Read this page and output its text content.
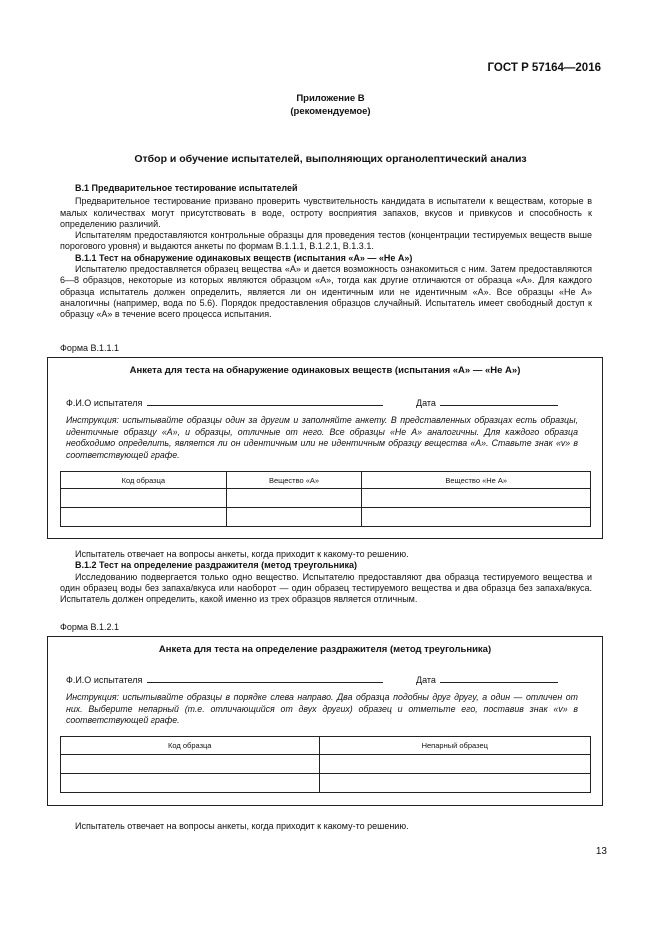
ГОСТ Р 57164—2016
Приложение В
(рекомендуемое)
Отбор и обучение испытателей, выполняющих органолептический анализ

В.1 Предварительное тестирование испытателей

Предварительное тестирование призвано проверить чувствительность кандидата в испытатели к веществам, которые в малых количествах могут присутствовать в воде, остроту восприятия запахов, вкусов и привкусов и способность к определению различий.

Испытателям предоставляются контрольные образцы для проведения тестов (концентрации тестируемых веществ выше порогового уровня) и выдаются анкеты по формам В.1.1.1, В.1.2.1, В.1.3.1.

В.1.1 Тест на обнаружение одинаковых веществ (испытания «А» — «Не А»)

Испытателю предоставляется образец вещества «А» и дается возможность ознакомиться с ним. Затем предоставляются 6—8 образцов, некоторые из которых являются образцом «А», тогда как другие отличаются от образца «А». Для каждого образца испытатель должен определить, является ли он идентичным или не идентичным «А». Все образцы «Не А» аналогичны (например, вода по 5.6). Порядок предоставления образцов случайный. Испытатель имеет свободный доступ к образцу «А» в течение всего процесса испытания.

Форма В.1.1.1
Анкета для теста на обнаружение одинаковых веществ (испытания «А» — «Не А»)
Ф.И.О испытателя	Дата
Инструкция: испытывайте образцы один за другим и заполняйте анкету. В представленных образцах есть образцы, идентичные образцу «А», и образцы, отличные от него. Все образцы «Не А» аналогичны. Для каждого образца необходимо определить, является ли он идентичным или не идентичным образцу вещества «А». Ставьте знак «v» в соответствующей графе.
Код образца	Вещество «А»	Вещество «Не А»

Испытатель отвечает на вопросы анкеты, когда приходит к какому-то решению.

В.1.2 Тест на определение раздражителя (метод треугольника)

Исследованию подвергается только одно вещество. Испытателю предоставляют два образца тестируемого вещества и один образец воды без запаха/вкуса или наоборот — один образец тестируемого вещества и два образца без запаха/вкуса. Испытатель должен определить, какой именно из трех образцов является отличным.

Форма В.1.2.1
Анкета для теста на определение раздражителя (метод треугольника)
Ф.И.О испытателя	Дата
Инструкция: испытывайте образцы в порядке слева направо. Два образца подобны друг другу, а один — отличен от них. Выберите непарный (т.е. отличающийся от двух других) образец и отметьте его, поставив знак «v» в соответствующей графе.
Код образца	Непарный образец

Испытатель отвечает на вопросы анкеты, когда приходит к какому-то решению.

13
